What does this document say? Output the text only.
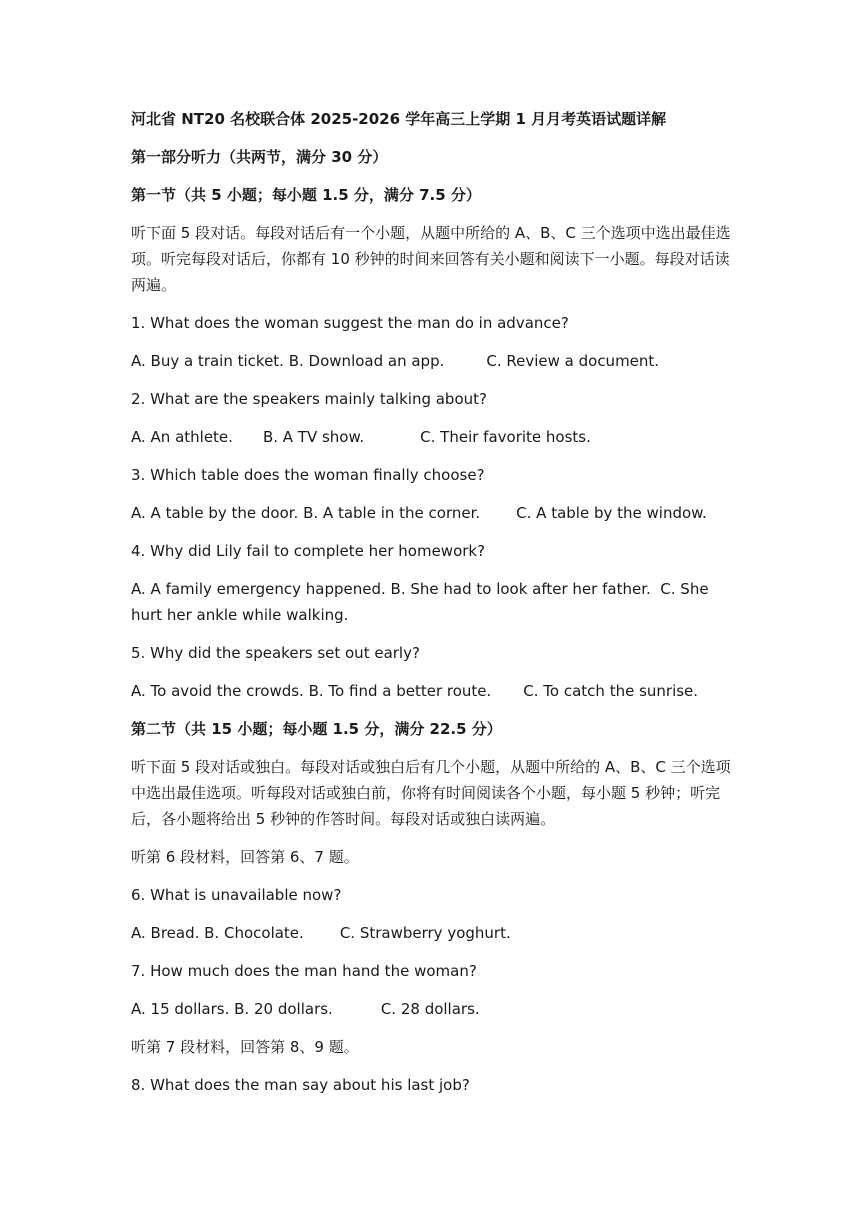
河北省 NT20 名校联合体 2025-2026 学年高三上学期 1 月月考英语试题详解
第一部分听力（共两节，满分 30 分）
第一节（共 5 小题；每小题 1.5 分，满分 7.5 分）
听下面 5 段对话。每段对话后有一个小题，从题中所给的 A、B、C 三个选项中选出最佳选项。听完每段对话后，你都有 10 秒钟的时间来回答有关小题和阅读下一小题。每段对话读两遍。
1. What does the woman suggest the man do in advance?
A. Buy a train ticket. B. Download an app.	C. Review a document.
2. What are the speakers mainly talking about?
A. An athlete. B. A TV show.	C. Their favorite hosts.
3. Which table does the woman finally choose?
A. A table by the door. B. A table in the corner. C. A table by the window.
4. Why did Lily fail to complete her homework?
A. A family emergency happened. B. She had to look after her father. C. She hurt her ankle while walking.
5. Why did the speakers set out early?
A. To avoid the crowds. B. To find a better route. C. To catch the sunrise.
第二节（共 15 小题；每小题 1.5 分，满分 22.5 分）
听下面 5 段对话或独白。每段对话或独白后有几个小题，从题中所给的 A、B、C 三个选项中选出最佳选项。听每段对话或独白前，你将有时间阅读各个小题，每小题 5 秒钟；听完后，各小题将给出 5 秒钟的作答时间。每段对话或独白读两遍。
听第 6 段材料，回答第 6、7 题。
6. What is unavailable now?
A. Bread. B. Chocolate. C. Strawberry yoghurt.
7. How much does the man hand the woman?
A. 15 dollars. B. 20 dollars.	C. 28 dollars.
听第 7 段材料，回答第 8、9 题。
8. What does the man say about his last job?
